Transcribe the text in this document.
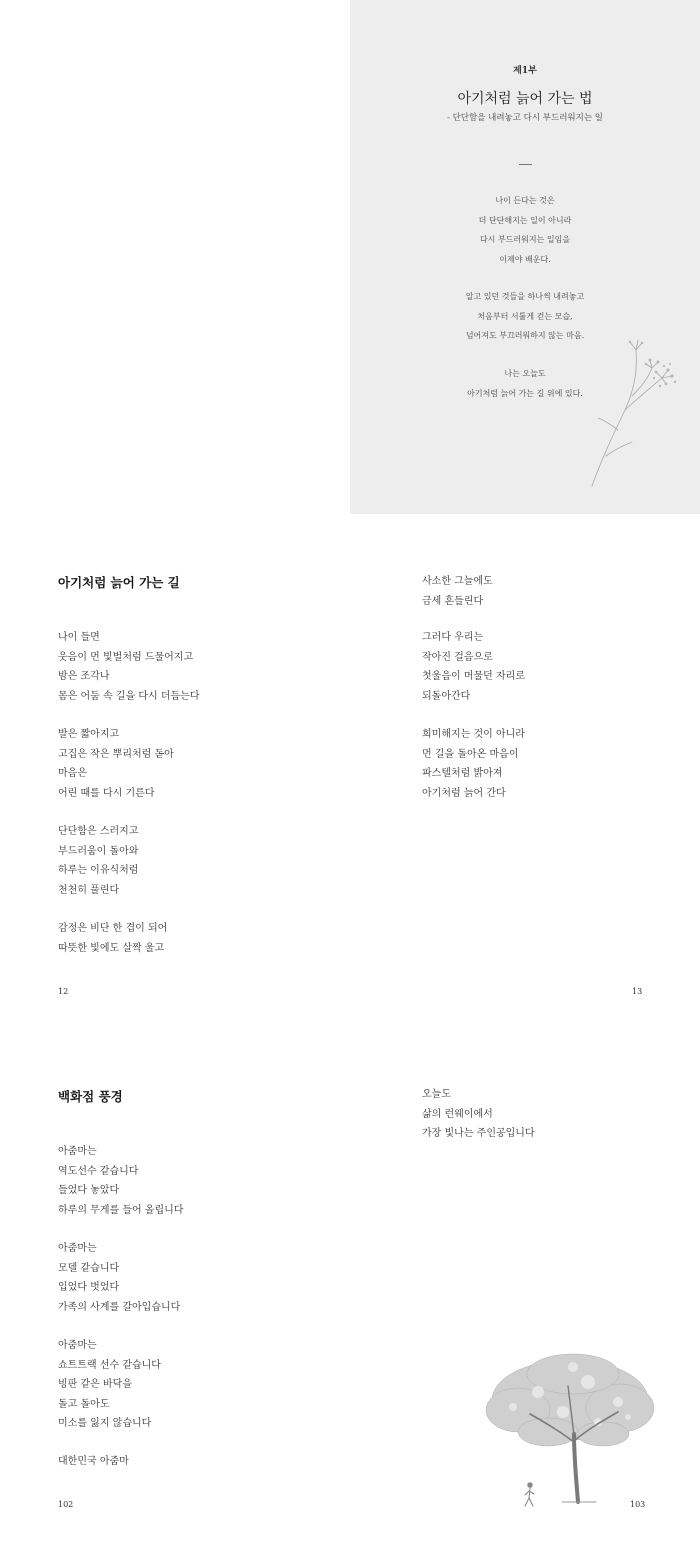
제1부
아기처럼 늙어 가는 법
- 단단함을 내려놓고 다시 부드러워지는 일
나이 든다는 것은
더 단단해지는 일이 아니라
다시 부드러워지는 일임을
이제야 배운다.
알고 있던 것들을 하나씩 내려놓고
처음부터 서툴게 걷는 모습,
넘어져도 부끄러워하지 않는 마음.
나는 오늘도
아기처럼 늙어 가는 길 위에 있다.
아기처럼 늙어 가는 길
나이 들면
웃음이 먼 빛벌처럼 드물어지고
밤은 조각나
몸은 어둠 속 길을 다시 더듬는다
발은 짧아지고
고집은 작은 뿌리처럼 돋아
마음은
어린 때를 다시 기른다
단단함은 스러지고
부드러움이 돌아와
하루는 이유식처럼
천천히 풀린다
감정은 비단 한 겹이 되어
따뜻한 빛에도 살짝 울고
사소한 그늘에도
금세 흔들린다
그러다 우리는
작아진 걸음으로
첫울음이 머물던 자리로
되돌아간다
희미해지는 것이 아니라
먼 길을 돌아온 마음이
파스텔처럼 밝아져
아기처럼 늙어 간다
12	13
백화점 풍경
아줌마는
역도선수 같습니다
들었다 놓았다
하루의 무게를 들어 올립니다
아줌마는
모델 같습니다
입었다 벗었다
가족의 사계를 갈아입습니다
아줌마는
쇼트트랙 선수 같습니다
빙판 같은 바닥을
돌고 돌아도
미소를 잃지 않습니다
대한민국 아줌마
오늘도
삶의 런웨이에서
가장 빛나는 주인공입니다
102	103
